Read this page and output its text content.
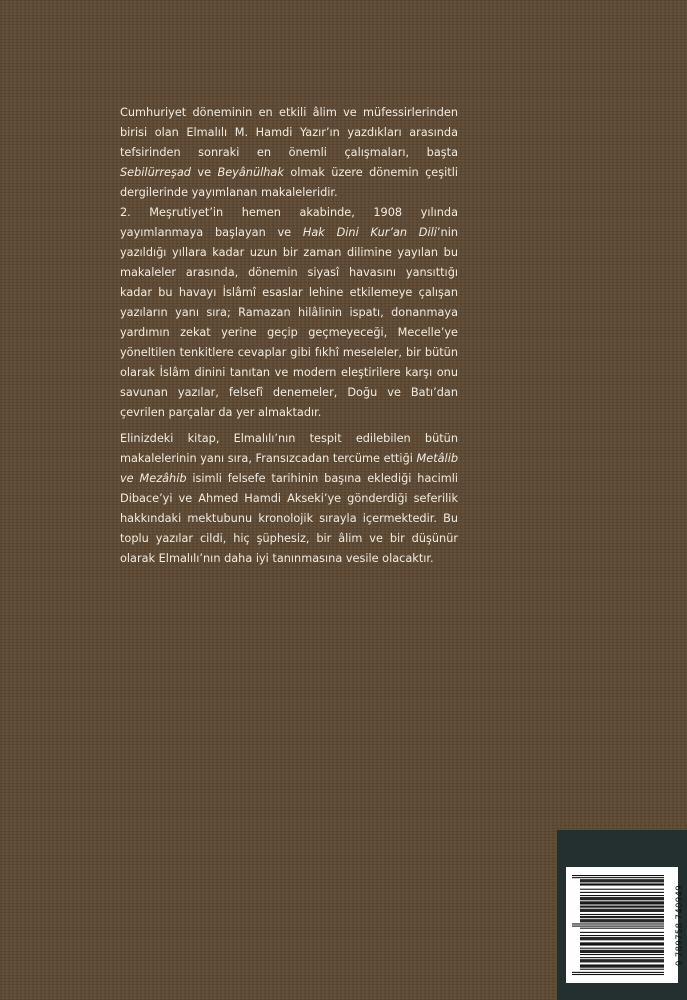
Cumhuriyet döneminin en etkili âlim ve müfessirlerinden birisi olan Elmalılı M. Hamdi Yazır’ın yazdıkları arasında tefsirinden sonraki en önemli çalışmaları, başta Sebilürreşad ve Beyânülhak olmak üzere dönemin çeşitli dergilerinde yayımlanan makaleleridir.

2. Meşrutiyet’in hemen akabinde, 1908 yılında yayımlanmaya başlayan ve Hak Dini Kur’an Dili’nin yazıldığı yıllara kadar uzun bir zaman dilimine yayılan bu makaleler arasında, dönemin siyasî havasını yansıttığı kadar bu havayı İslâmî esaslar lehine etkilemeye çalışan yazıların yanı sıra; Ramazan hilâlinin ispatı, donanmaya yardımın zekat yerine geçip geçmeyeceği, Mecelle’ye yöneltilen tenkitlere cevaplar gibi fıkhî meseleler, bir bütün olarak İslâm dinini tanıtan ve modern eleştirilere karşı onu savunan yazılar, felsefî denemeler, Doğu ve Batı’dan çevrilen parçalar da yer almaktadır.

Elinizdeki kitap, Elmalılı’nın tespit edilebilen bütün makalelerinin yanı sıra, Fransızcadan tercüme ettiği Metâlib ve Mezâhib isimli felsefe tarihinin başına eklediği hacimli Dibace’yi ve Ahmed Hamdi Akseki’ye gönderdiği seferilik hakkındaki mektubunu kronolojik sırayla içermektedir. Bu toplu yazılar cildi, hiç şüphesiz, bir âlim ve bir düşünür olarak Elmalılı’nın daha iyi tanınmasına vesile olacaktır.

9 789758 740949
